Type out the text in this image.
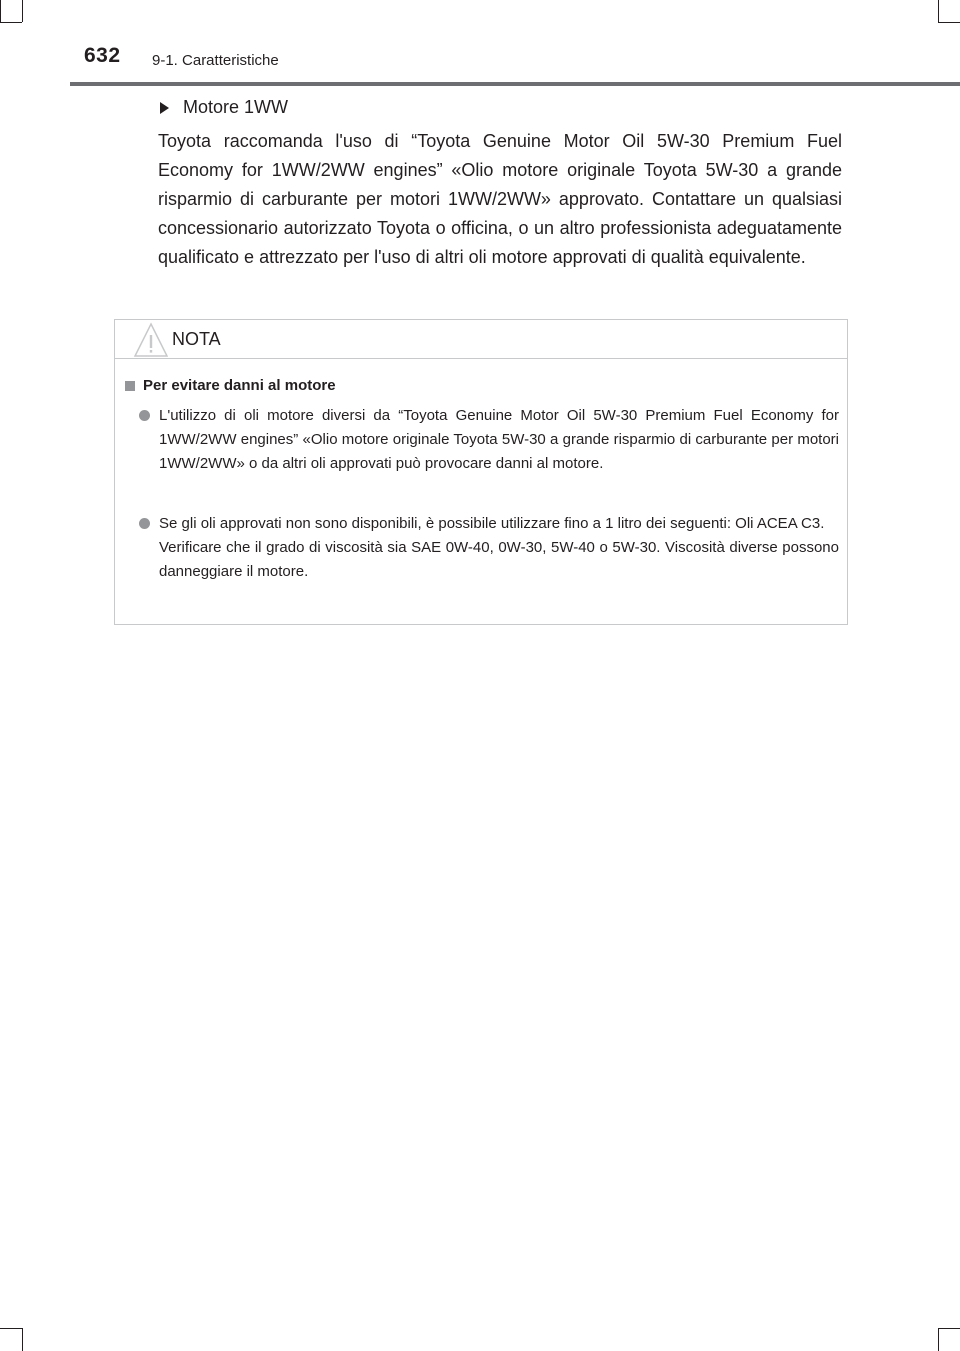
632 9-1. Caratteristiche
Motore 1WW

Toyota raccomanda l'uso di “Toyota Genuine Motor Oil 5W-30 Premium Fuel Economy for 1WW/2WW engines” «Olio motore originale Toyota 5W-30 a grande risparmio di carburante per motori 1WW/2WW» approvato. Contattare un qualsiasi concessionario autorizzato Toyota o officina, o un altro professionista adeguatamente qualificato e attrezzato per l'uso di altri oli motore approvati di qualità equivalente.

NOTA
Per evitare danni al motore
L'utilizzo di oli motore diversi da “Toyota Genuine Motor Oil 5W-30 Premium Fuel Economy for 1WW/2WW engines” «Olio motore originale Toyota 5W-30 a grande risparmio di carburante per motori 1WW/2WW» o da altri oli approvati può provocare danni al motore.
Se gli oli approvati non sono disponibili, è possibile utilizzare fino a 1 litro dei seguenti: Oli ACEA C3.
Verificare che il grado di viscosità sia SAE 0W-40, 0W-30, 5W-40 o 5W-30. Viscosità diverse possono danneggiare il motore.
